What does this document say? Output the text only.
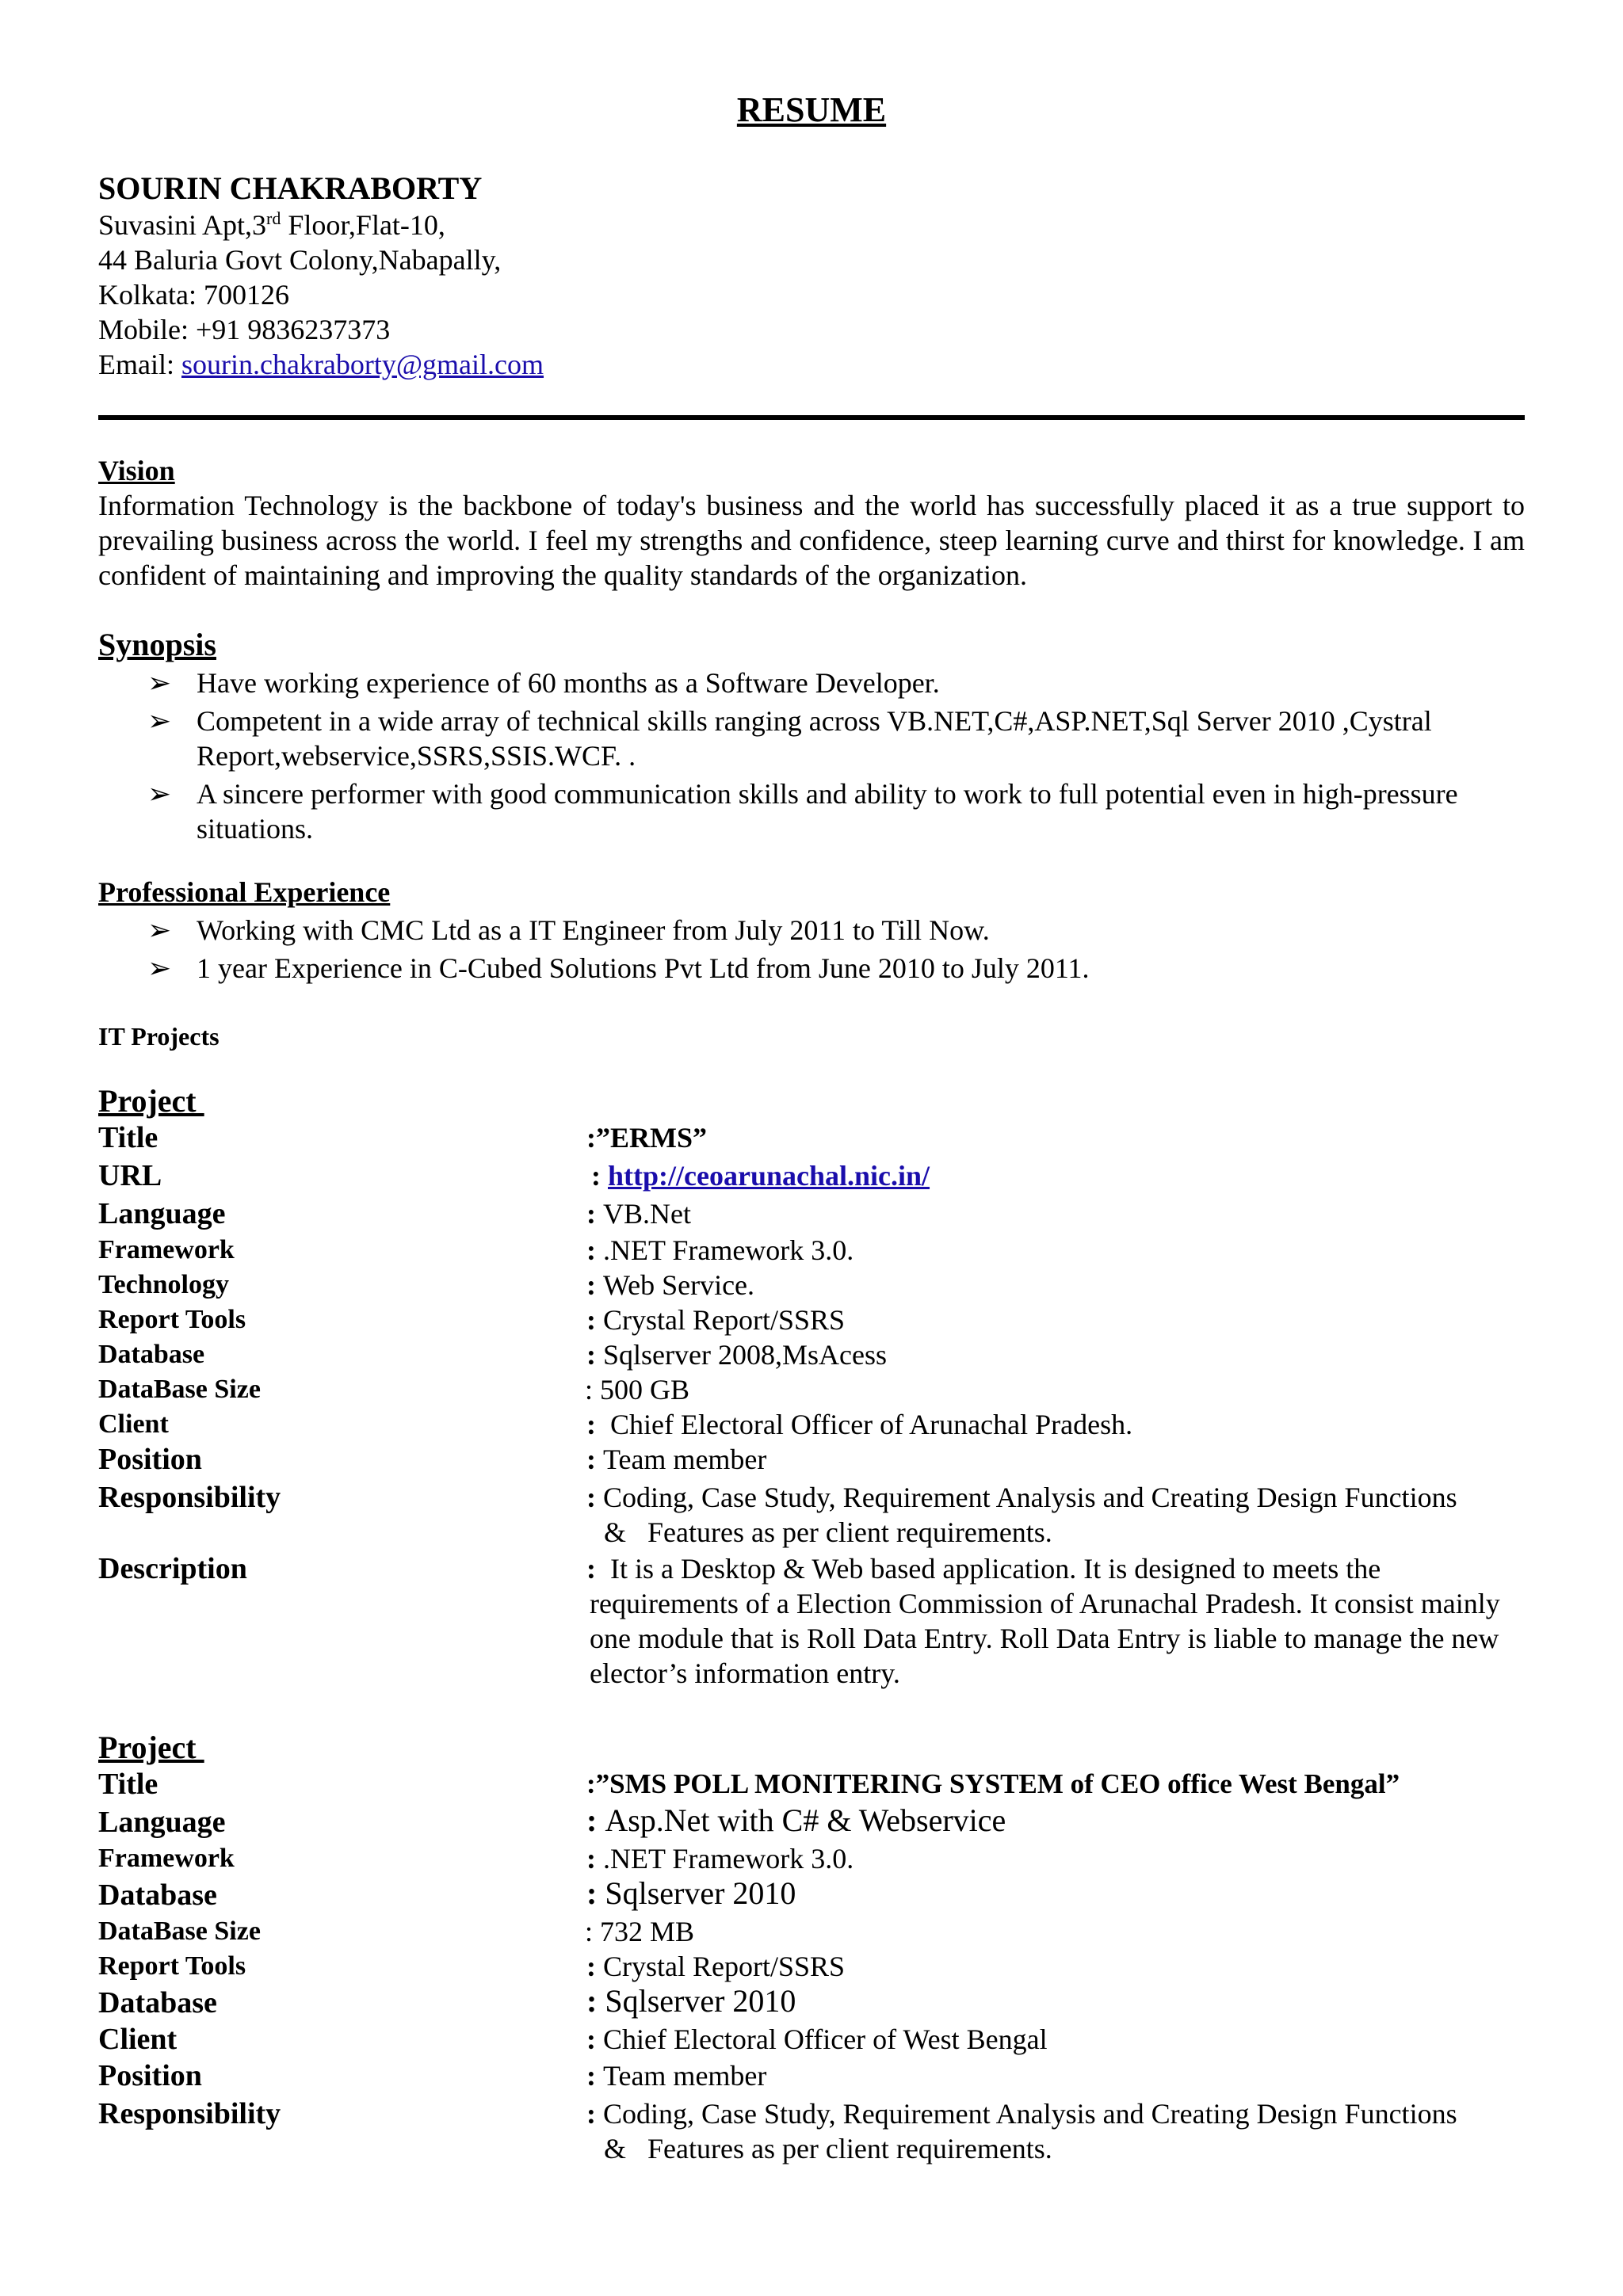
RESUME
SOURIN CHAKRABORTY
Suvasini Apt,3rd Floor,Flat-10,
44 Baluria Govt Colony,Nabapally,
Kolkata: 700126
Mobile: +91 9836237373
Email: sourin.chakraborty@gmail.com
Vision
Information Technology is the backbone of today's business and the world has successfully placed it as a true support to prevailing business across the world. I feel my strengths and confidence, steep learning curve and thirst for knowledge. I am confident of maintaining and improving the quality standards of the organization.
Synopsis
➢ Have working experience of 60 months as a Software Developer.
➢ Competent in a wide array of technical skills ranging across VB.NET,C#,ASP.NET,Sql Server 2010 ,Cystral Report,webservice,SSRS,SSIS.WCF. .
➢ A sincere performer with good communication skills and ability to work to full potential even in high-pressure situations.
Professional Experience
➢ Working with CMC Ltd as a IT Engineer from July 2011 to Till Now.
➢ 1 year Experience in C-Cubed Solutions Pvt Ltd from June 2010 to July 2011.
IT Projects
Project
Title	:”ERMS”
URL	: http://ceoarunachal.nic.in/
Language	: VB.Net
Framework	: .NET Framework 3.0.
Technology	: Web Service.
Report Tools	: Crystal Report/SSRS
Database	: Sqlserver 2008,MsAcess
DataBase Size	: 500 GB
Client	:  Chief Electoral Officer of Arunachal Pradesh.
Position	: Team member
Responsibility	: Coding, Case Study, Requirement Analysis and Creating Design Functions
&   Features as per client requirements.
Description	:  It is a Desktop & Web based application. It is designed to meets the
requirements of a Election Commission of Arunachal Pradesh. It consist mainly
one module that is Roll Data Entry. Roll Data Entry is liable to manage the new
elector’s information entry.
Project
Title	:”SMS POLL MONITERING SYSTEM of CEO office West Bengal”
Language	: Asp.Net with C# & Webservice
Framework	: .NET Framework 3.0.
Database	: Sqlserver 2010
DataBase Size	: 732 MB
Report Tools	: Crystal Report/SSRS
Database	: Sqlserver 2010
Client	: Chief Electoral Officer of West Bengal
Position	: Team member
Responsibility	: Coding, Case Study, Requirement Analysis and Creating Design Functions
&   Features as per client requirements.
